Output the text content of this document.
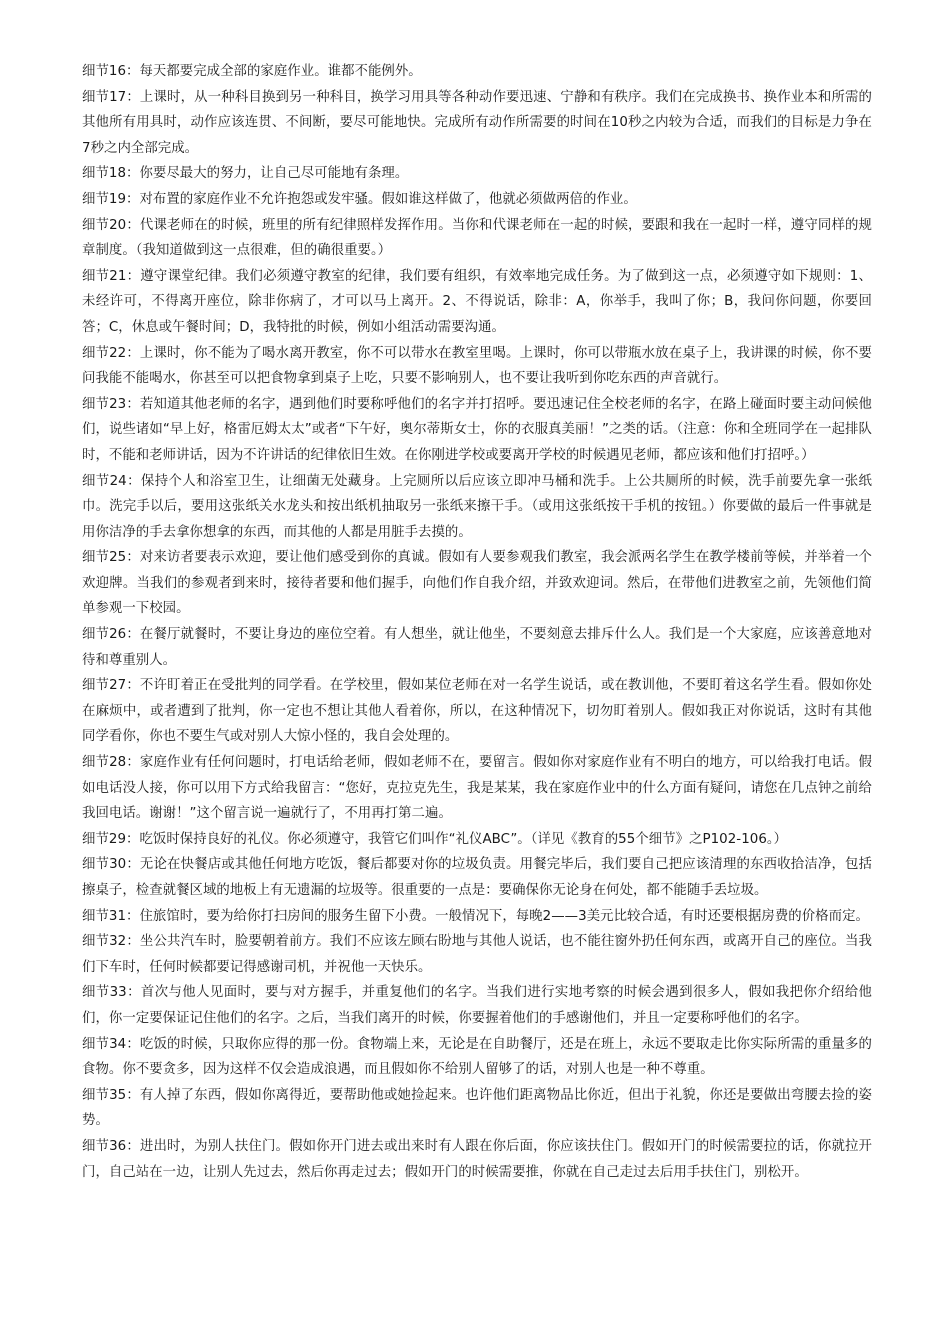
细节16：每天都要完成全部的家庭作业。谁都不能例外。

细节17：上课时，从一种科目换到另一种科目，换学习用具等各种动作要迅速、宁静和有秩序。我们在完成换书、换作业本和所需的其他所有用具时，动作应该连贯、不间断，要尽可能地快。完成所有动作所需要的时间在10秒之内较为合适，而我们的目标是力争在7秒之内全部完成。

细节18：你要尽最大的努力，让自己尽可能地有条理。

细节19：对布置的家庭作业不允许抱怨或发牢骚。假如谁这样做了，他就必须做两倍的作业。

细节20：代课老师在的时候，班里的所有纪律照样发挥作用。当你和代课老师在一起的时候，要跟和我在一起时一样，遵守同样的规章制度。（我知道做到这一点很难，但的确很重要。）

细节21：遵守课堂纪律。我们必须遵守教室的纪律，我们要有组织，有效率地完成任务。为了做到这一点，必须遵守如下规则：1、未经许可，不得离开座位，除非你病了，才可以马上离开。2、不得说话，除非：A，你举手，我叫了你；B，我问你问题，你要回答；C，休息或午餐时间；D，我特批的时候，例如小组活动需要沟通。

细节22：上课时，你不能为了喝水离开教室，你不可以带水在教室里喝。上课时，你可以带瓶水放在桌子上，我讲课的时候，你不要问我能不能喝水，你甚至可以把食物拿到桌子上吃，只要不影响别人，也不要让我听到你吃东西的声音就行。

细节23：若知道其他老师的名字，遇到他们时要称呼他们的名字并打招呼。要迅速记住全校老师的名字，在路上碰面时要主动问候他们，说些诸如“早上好，格雷厄姆太太”或者“下午好，奥尔蒂斯女士，你的衣服真美丽！”之类的话。（注意：你和全班同学在一起排队时，不能和老师讲话，因为不许讲话的纪律依旧生效。在你刚进学校或要离开学校的时候遇见老师，都应该和他们打招呼。）

细节24：保持个人和浴室卫生，让细菌无处藏身。上完厕所以后应该立即冲马桶和洗手。上公共厕所的时候，洗手前要先拿一张纸巾。洗完手以后，要用这张纸关水龙头和按出纸机抽取另一张纸来擦干手。（或用这张纸按干手机的按钮。）你要做的最后一件事就是用你洁净的手去拿你想拿的东西，而其他的人都是用脏手去摸的。

细节25：对来访者要表示欢迎，要让他们感受到你的真诚。假如有人要参观我们教室，我会派两名学生在教学楼前等候，并举着一个欢迎牌。当我们的参观者到来时，接待者要和他们握手，向他们作自我介绍，并致欢迎词。然后，在带他们进教室之前，先领他们简单参观一下校园。

细节26：在餐厅就餐时，不要让身边的座位空着。有人想坐，就让他坐，不要刻意去排斥什么人。我们是一个大家庭，应该善意地对待和尊重别人。

细节27：不许盯着正在受批判的同学看。在学校里，假如某位老师在对一名学生说话，或在教训他，不要盯着这名学生看。假如你处在麻烦中，或者遭到了批判，你一定也不想让其他人看着你，所以，在这种情况下，切勿盯着别人。假如我正对你说话，这时有其他同学看你，你也不要生气或对别人大惊小怪的，我自会处理的。

细节28：家庭作业有任何问题时，打电话给老师，假如老师不在，要留言。假如你对家庭作业有不明白的地方，可以给我打电话。假如电话没人接，你可以用下方式给我留言：“您好，克拉克先生，我是某某，我在家庭作业中的什么方面有疑问，请您在几点钟之前给我回电话。谢谢！”这个留言说一遍就行了，不用再打第二遍。

细节29：吃饭时保持良好的礼仪。你必须遵守，我管它们叫作“礼仪ABC”。（详见《教育的55个细节》之P102-106。）

细节30：无论在快餐店或其他任何地方吃饭，餐后都要对你的垃圾负责。用餐完毕后，我们要自己把应该清理的东西收拾洁净，包括擦桌子，检查就餐区域的地板上有无遗漏的垃圾等。很重要的一点是：要确保你无论身在何处，都不能随手丢垃圾。

细节31：住旅馆时，要为给你打扫房间的服务生留下小费。一般情况下，每晚2——3美元比较合适，有时还要根据房费的价格而定。

细节32：坐公共汽车时，脸要朝着前方。我们不应该左顾右盼地与其他人说话，也不能往窗外扔任何东西，或离开自己的座位。当我们下车时，任何时候都要记得感谢司机，并祝他一天快乐。

细节33：首次与他人见面时，要与对方握手，并重复他们的名字。当我们进行实地考察的时候会遇到很多人，假如我把你介绍给他们，你一定要保证记住他们的名字。之后，当我们离开的时候，你要握着他们的手感谢他们，并且一定要称呼他们的名字。

细节34：吃饭的时候，只取你应得的那一份。食物端上来，无论是在自助餐厅，还是在班上，永远不要取走比你实际所需的重量多的食物。你不要贪多，因为这样不仅会造成浪遇，而且假如你不给别人留够了的话，对别人也是一种不尊重。

细节35：有人掉了东西，假如你离得近，要帮助他或她捡起来。也许他们距离物品比你近，但出于礼貌，你还是要做出弯腰去捡的姿势。

细节36：进出时，为别人扶住门。假如你开门进去或出来时有人跟在你后面，你应该扶住门。假如开门的时候需要拉的话，你就拉开门，自己站在一边，让别人先过去，然后你再走过去；假如开门的时候需要推，你就在自己走过去后用手扶住门，别松开。
